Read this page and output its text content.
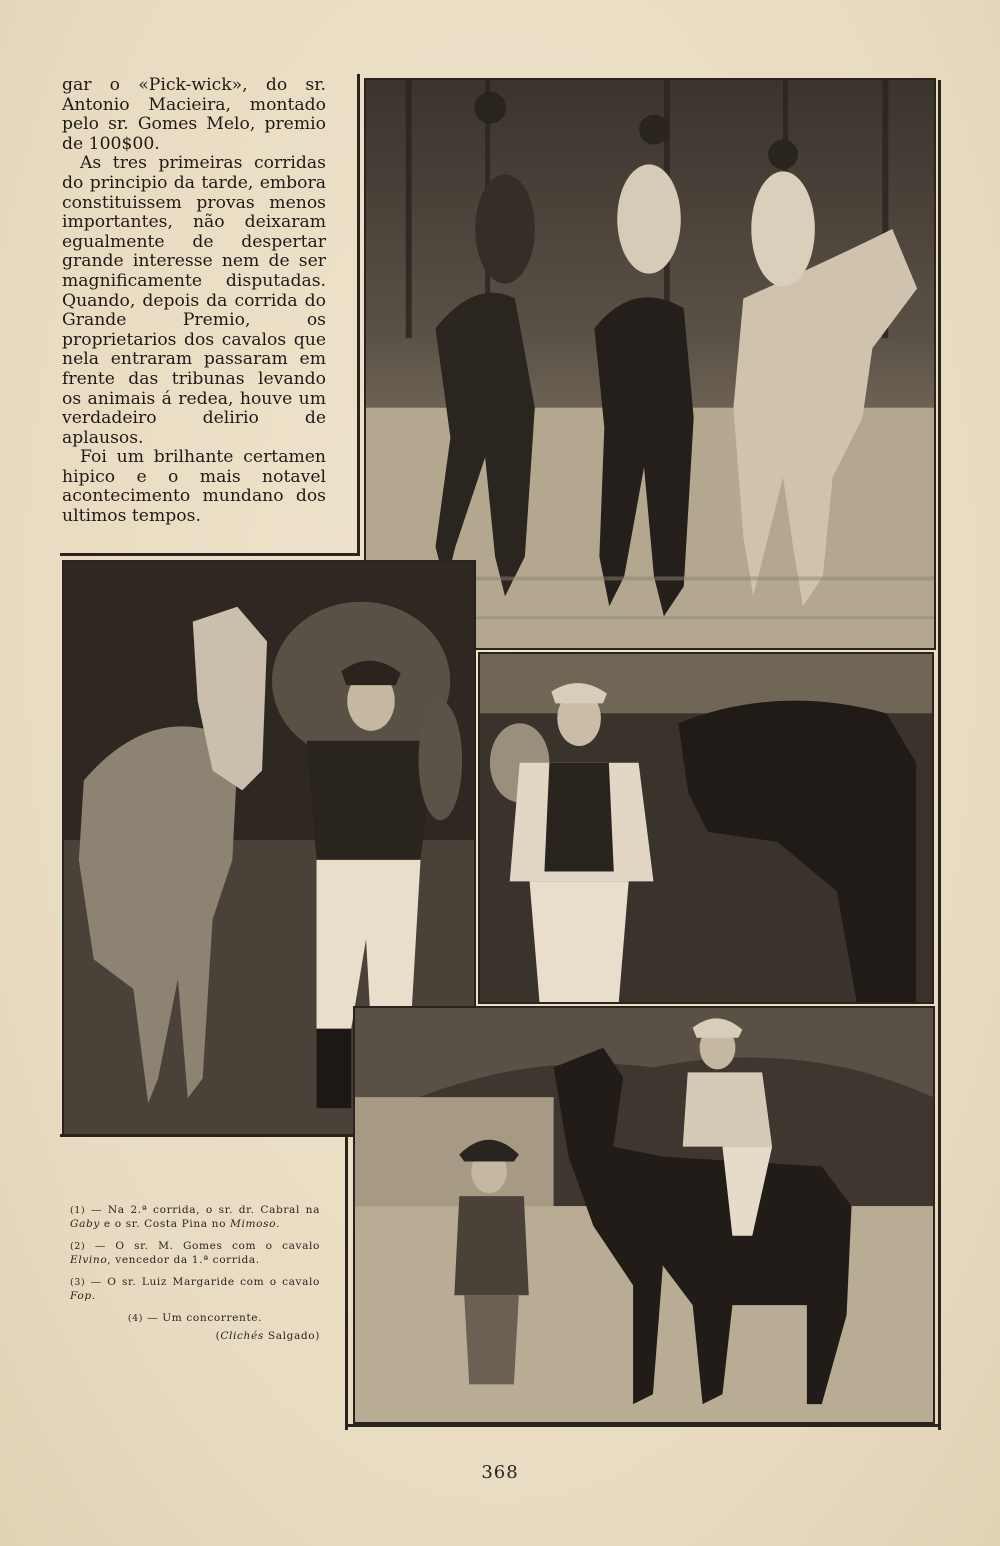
gar o «Pick-wick», do sr. Antonio Macieira, montado pelo sr. Gomes Melo, premio de 100$00.

As tres primeiras corridas do principio da tarde, embora constituissem provas menos importantes, não deixaram egualmente de despertar grande interesse nem de ser magnificamente disputadas. Quando, depois da corrida do Grande Premio, os proprietarios dos cavalos que nela entraram passaram em frente das tribunas levando os animais á redea, houve um verdadeiro delirio de aplausos.

Foi um brilhante certamen hipico e o mais notavel acontecimento mundano dos ultimos tempos.

(1) — Na 2.ª corrida, o sr. dr. Cabral na Gaby e o sr. Costa Pina no Mimoso.

(2) — O sr. M. Gomes com o cavalo Elvino, vencedor da 1.ª corrida.

(3) — O sr. Luiz Margaride com o cavalo Fop.

(4) — Um concorrente.

(Clichés Salgado)

368
